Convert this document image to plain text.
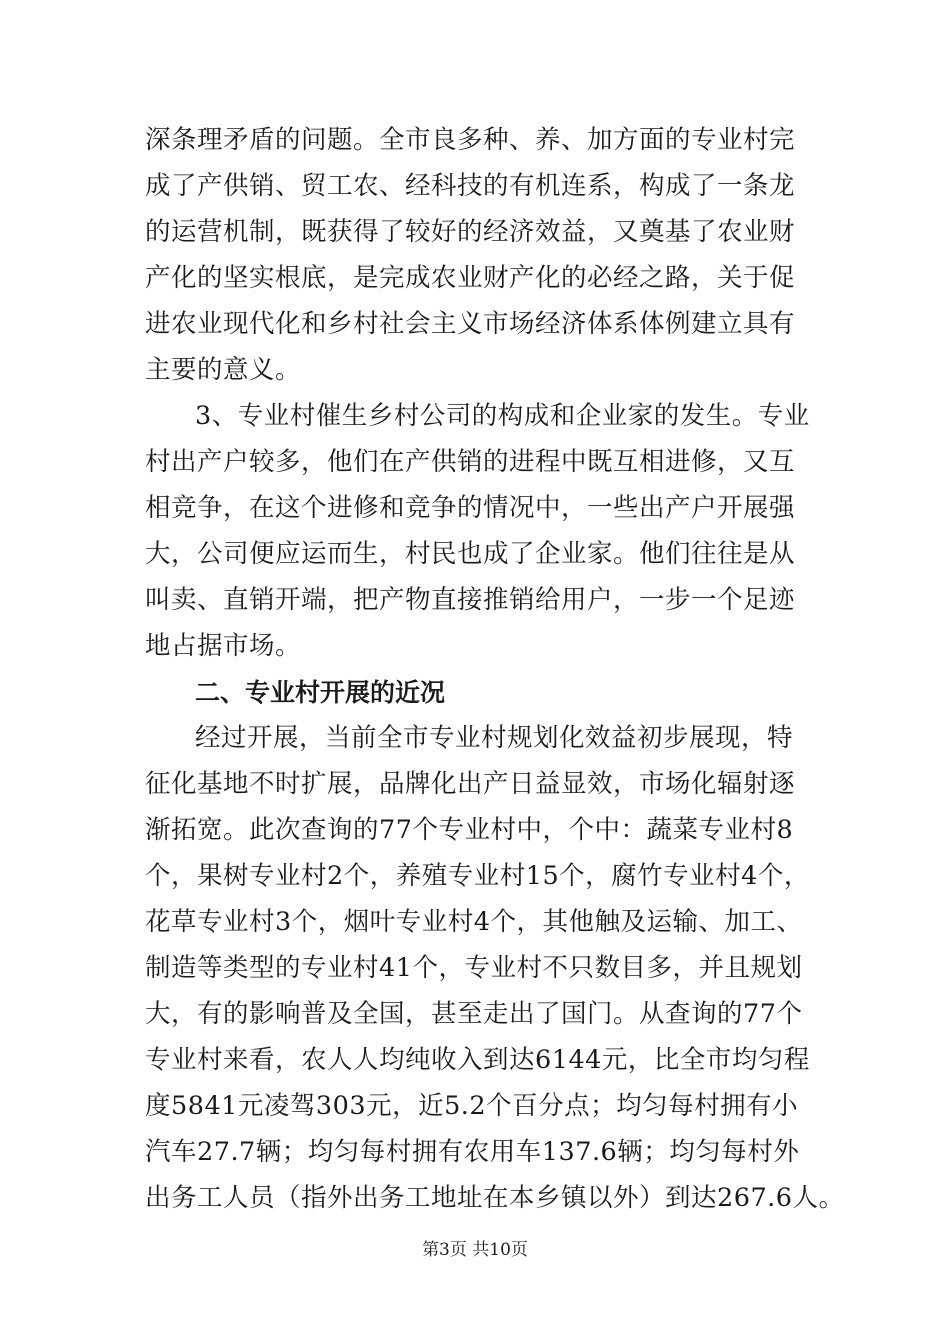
深条理矛盾的问题。全市良多种、养、加方面的专业村完
成了产供销、贸工农、经科技的有机连系，构成了一条龙
的运营机制，既获得了较好的经济效益，又奠基了农业财
产化的坚实根底，是完成农业财产化的必经之路，关于促
进农业现代化和乡村社会主义市场经济体系体例建立具有
主要的意义。
3、专业村催生乡村公司的构成和企业家的发生。专业
村出产户较多，他们在产供销的进程中既互相进修，又互
相竞争，在这个进修和竞争的情况中，一些出产户开展强
大，公司便应运而生，村民也成了企业家。他们往往是从
叫卖、直销开端，把产物直接推销给用户，一步一个足迹
地占据市场。
二、专业村开展的近况
经过开展，当前全市专业村规划化效益初步展现，特
征化基地不时扩展，品牌化出产日益显效，市场化辐射逐
渐拓宽。此次查询的77个专业村中，个中：蔬菜专业村8
个，果树专业村2个，养殖专业村15个，腐竹专业村4个，
花草专业村3个，烟叶专业村4个，其他触及运输、加工、
制造等类型的专业村41个，专业村不只数目多，并且规划
大，有的影响普及全国，甚至走出了国门。从查询的77个
专业村来看，农人人均纯收入到达6144元，比全市均匀程
度5841元凌驾303元，近5.2个百分点；均匀每村拥有小
汽车27.7辆；均匀每村拥有农用车137.6辆；均匀每村外
出务工人员（指外出务工地址在本乡镇以外）到达267.6人。
第3页 共10页
